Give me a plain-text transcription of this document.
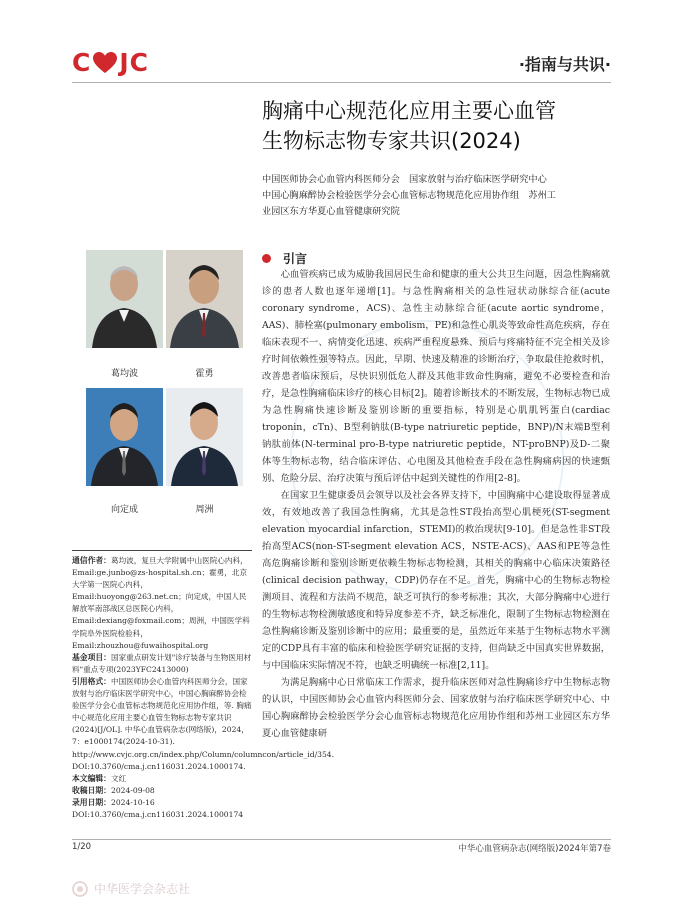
C JC	·指南与共识·
胸痛中心规范化应用主要心血管
生物标志物专家共识(2024)
中国医师协会心血管内科医师分会　国家放射与治疗临床医学研究中心
中国心胸麻醉协会检验医学分会心血管标志物规范化应用协作组　苏州工
业园区东方华夏心血管健康研究院
葛均波	霍勇
向定成	周洲
引言

心血管疾病已成为威胁我国居民生命和健康的重大公共卫生问题，因急性胸痛就诊的患者人数也逐年递增[1]。与急性胸痛相关的急性冠状动脉综合征(acute coronary syndrome，ACS)、急性主动脉综合征(acute aortic syndrome，AAS)、肺栓塞(pulmonary embolism，PE)和急性心肌炎等致命性高危疾病，存在临床表现不一、病情变化迅速、疾病严重程度悬殊、预后与疼痛特征不完全相关及诊疗时间依赖性强等特点。因此，早期、快速及精准的诊断治疗，争取最佳抢救时机，改善患者临床预后，尽快识别低危人群及其他非致命性胸痛，避免不必要检查和治疗，是急性胸痛临床诊疗的核心目标[2]。随着诊断技术的不断发展，生物标志物已成为急性胸痛快速诊断及鉴别诊断的重要指标，特别是心肌肌钙蛋白(cardiac troponin，cTn)、B型利钠肽(B-type natriuretic peptide，BNP)/N末端B型利钠肽前体(N-terminal pro-B-type natriuretic peptide，NT-proBNP)及D-二聚体等生物标志物，结合临床评估、心电图及其他检查手段在急性胸痛病因的快速甄别、危险分层、治疗决策与预后评估中起到关键性的作用[2-8]。

在国家卫生健康委员会领导以及社会各界支持下，中国胸痛中心建设取得显著成效，有效地改善了我国急性胸痛，尤其是急性ST段抬高型心肌梗死(ST-segment elevation myocardial infarction，STEMI)的救治现状[9-10]。但是急性非ST段抬高型ACS(non-ST-segment elevation ACS，NSTE-ACS)、AAS和PE等急性高危胸痛诊断和鉴别诊断更依赖生物标志物检测，其相关的胸痛中心临床决策路径(clinical decision pathway，CDP)仍存在不足。首先，胸痛中心的生物标志物检测项目、流程和方法尚不规范，缺乏可执行的参考标准；其次，大部分胸痛中心进行的生物标志物检测敏感度和特异度参差不齐，缺乏标准化，限制了生物标志物检测在急性胸痛诊断及鉴别诊断中的应用；最重要的是，虽然近年来基于生物标志物水平测定的CDP具有丰富的临床和检验医学研究证据的支持，但尚缺乏中国真实世界数据，与中国临床实际情况不符，也缺乏明确统一标准[2,11]。

为满足胸痛中心日常临床工作需求，提升临床医师对急性胸痛诊疗中生物标志物的认识，中国医师协会心血管内科医师分会、国家放射与治疗临床医学研究中心、中国心胸麻醉协会检验医学分会心血管标志物规范化应用协作组和苏州工业园区东方华夏心血管健康研

通信作者：葛均波，复旦大学附属中山医院心内科，Email:ge.junbo@zs-hospital.sh.cn；霍勇，北京大学第一医院心内科，Email:huoyong@263.net.cn；向定成，中国人民解放军南部战区总医院心内科，Email:dexiang@foxmail.com；周洲，中国医学科学院阜外医院检验科，Email:zhouzhou@fuwaihospital.org
基金项目：国家重点研发计划"诊疗装备与生物医用材料"重点专项(2023YFC2413000)
引用格式：中国医师协会心血管内科医师分会，国家放射与治疗临床医学研究中心，中国心胸麻醉协会检验医学分会心血管标志物规范化应用协作组，等. 胸痛中心规范化应用主要心血管生物标志物专家共识(2024)[J/OL]. 中华心血管病杂志(网络版)，2024，7：e1000174(2024-10-31). http://www.cvjc.org.cn/index.php/Column/columncon/article_id/354. DOI:10.3760/cma.j.cn116031.2024.1000174.
本文编辑：文红
收稿日期：2024-09-08
录用日期：2024-10-16
DOI:10.3760/cma.j.cn116031.2024.1000174
1/20	中华心血管病杂志(网络版)2024年第7卷
中华医学会杂志社
